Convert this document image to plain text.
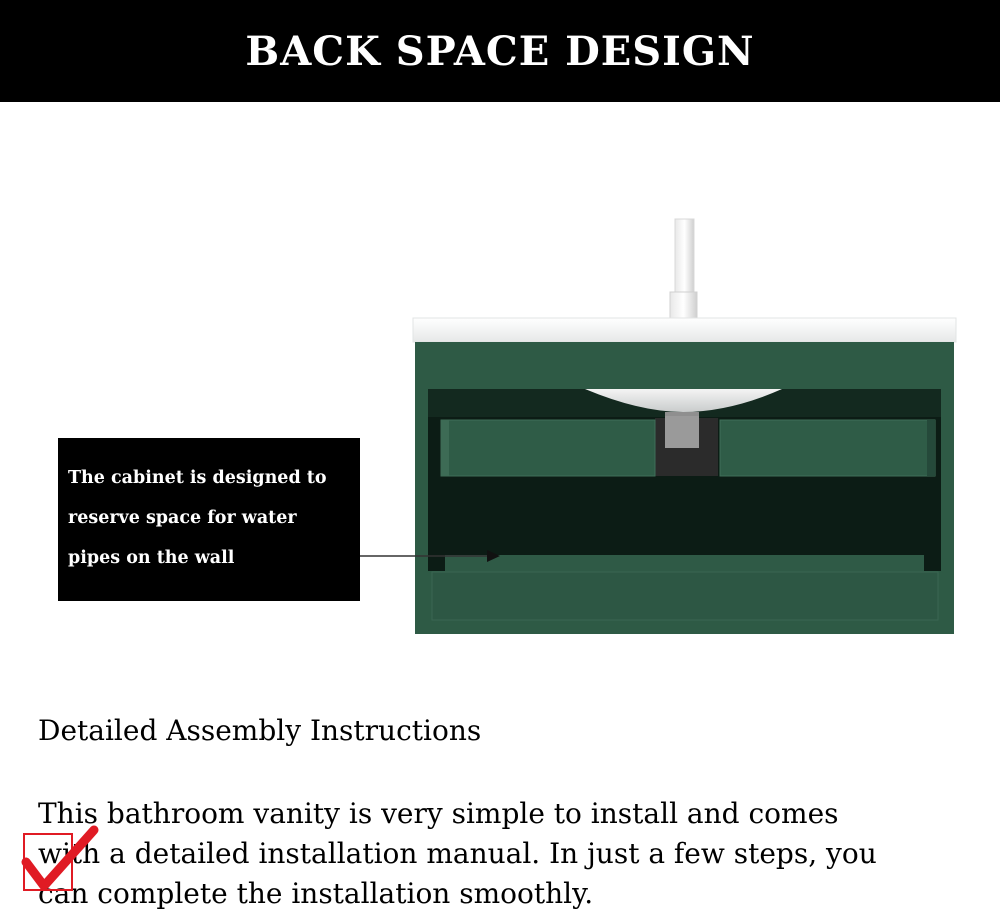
BACK SPACE DESIGN

The cabinet is designed to

reserve space for water

pipes on the wall

Detailed Assembly Instructions
This bathroom vanity is very simple to install and comes
with a detailed installation manual. In just a few steps, you
can complete the installation smoothly.
